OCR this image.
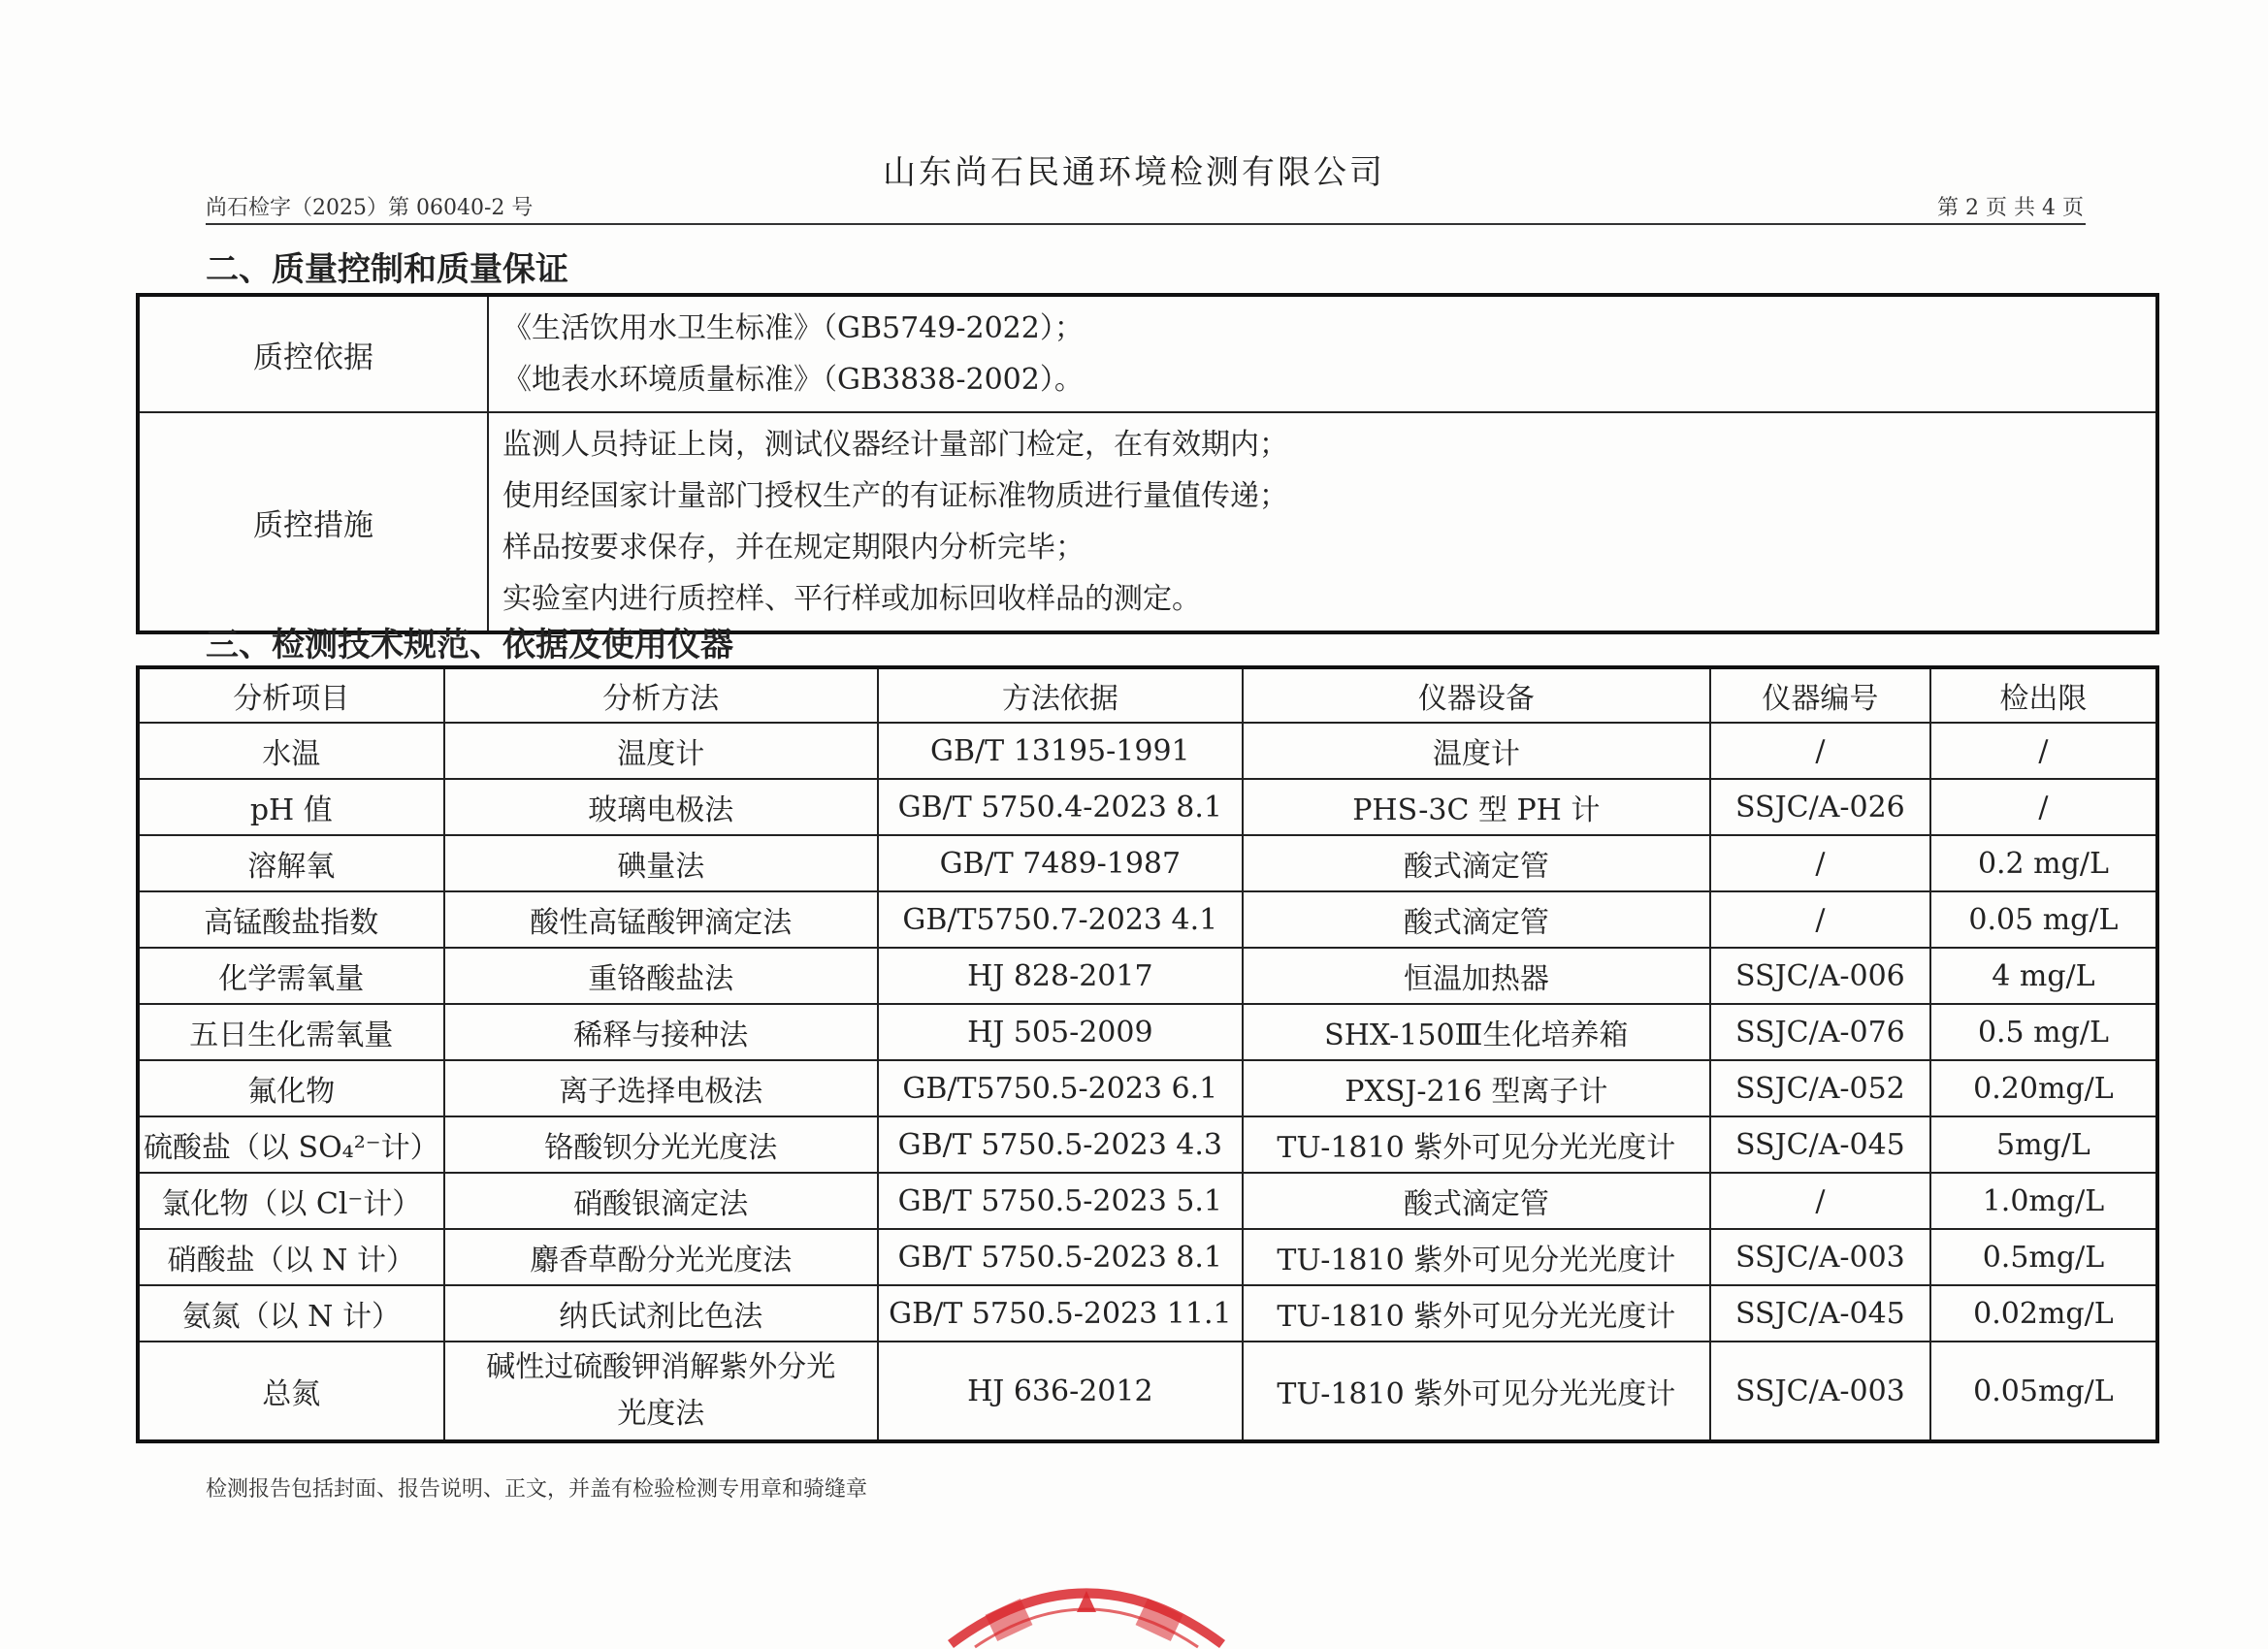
山东尚石民通环境检测有限公司
尚石检字（2025）第 06040-2 号	第 2 页 共 4 页
二、质量控制和质量保证
质控依据	《生活饮用水卫生标准》（GB5749-2022）；
《地表水环境质量标准》（GB3838-2002）。

质控措施	监测人员持证上岗，测试仪器经计量部门检定，在有效期内；
使用经国家计量部门授权生产的有证标准物质进行量值传递；
样品按要求保存，并在规定期限内分析完毕；
实验室内进行质控样、平行样或加标回收样品的测定。
三、检测技术规范、依据及使用仪器
分析项目	分析方法	方法依据	仪器设备	仪器编号	检出限
水温	温度计	GB/T 13195-1991	温度计	/	/
pH 值	玻璃电极法	GB/T 5750.4-2023 8.1	PHS-3C 型 PH 计	SSJC/A-026	/
溶解氧	碘量法	GB/T 7489-1987	酸式滴定管	/	0.2 mg/L
高锰酸盐指数	酸性高锰酸钾滴定法	GB/T5750.7-2023 4.1	酸式滴定管	/	0.05 mg/L
化学需氧量	重铬酸盐法	HJ 828-2017	恒温加热器	SSJC/A-006	4 mg/L
五日生化需氧量	稀释与接种法	HJ 505-2009	SHX-150Ⅲ生化培养箱	SSJC/A-076	0.5 mg/L
氟化物	离子选择电极法	GB/T5750.5-2023 6.1	PXSJ-216 型离子计	SSJC/A-052	0.20mg/L
硫酸盐（以 SO₄²⁻计）	铬酸钡分光光度法	GB/T 5750.5-2023 4.3	TU-1810 紫外可见分光光度计	SSJC/A-045	5mg/L
氯化物（以 Cl⁻计）	硝酸银滴定法	GB/T 5750.5-2023 5.1	酸式滴定管	/	1.0mg/L
硝酸盐（以 N 计）	麝香草酚分光光度法	GB/T 5750.5-2023 8.1	TU-1810 紫外可见分光光度计	SSJC/A-003	0.5mg/L
氨氮（以 N 计）	纳氏试剂比色法	GB/T 5750.5-2023 11.1	TU-1810 紫外可见分光光度计	SSJC/A-045	0.02mg/L
总氮	碱性过硫酸钾消解紫外分光光度法	HJ 636-2012	TU-1810 紫外可见分光光度计	SSJC/A-003	0.05mg/L
检测报告包括封面、报告说明、正文，并盖有检验检测专用章和骑缝章
